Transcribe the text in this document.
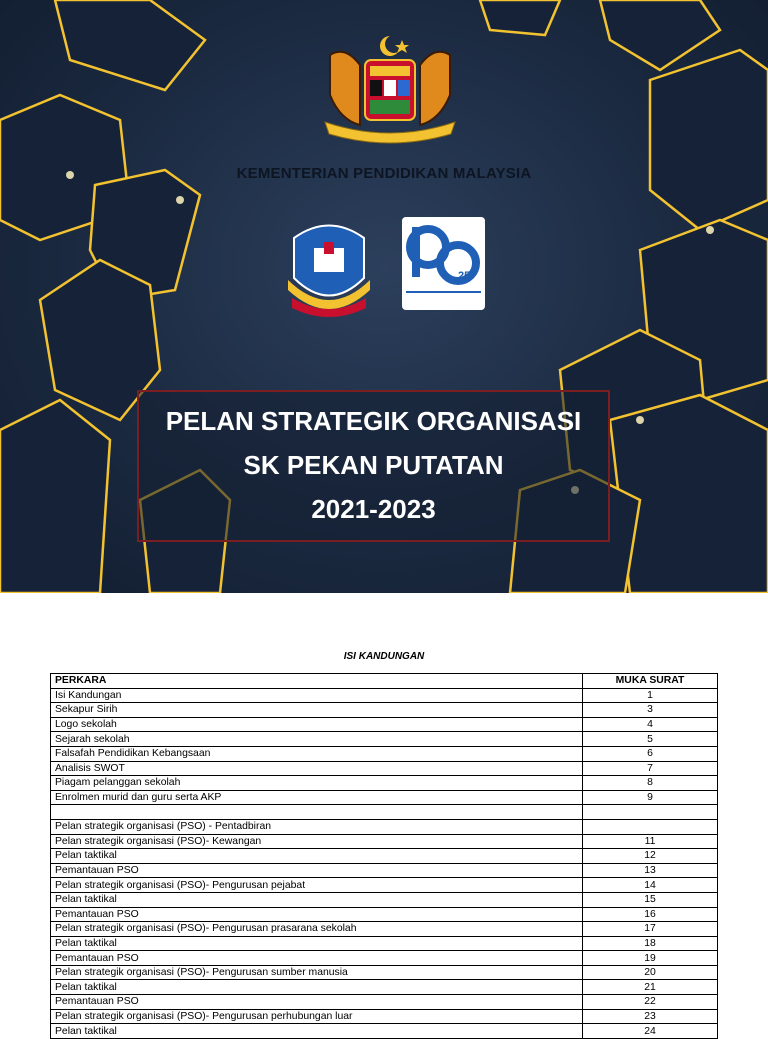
KEMENTERIAN PENDIDIKAN MALAYSIA
25
PELAN STRATEGIK ORGANISASI
SK PEKAN PUTATAN
2021-2023
ISI KANDUNGAN
PERKARA	MUKA SURAT
Isi Kandungan	1
Sekapur Sirih	3
Logo sekolah	4
Sejarah sekolah	5
Falsafah Pendidikan Kebangsaan	6
Analisis SWOT	7
Piagam pelanggan sekolah	8
Enrolmen murid dan guru serta AKP	9

Pelan strategik organisasi (PSO) - Pentadbiran	
Pelan strategik organisasi (PSO)- Kewangan	11
Pelan taktikal	12
Pemantauan PSO	13
Pelan strategik organisasi (PSO)- Pengurusan pejabat	14
Pelan taktikal	15
Pemantauan PSO	16
Pelan strategik organisasi (PSO)- Pengurusan prasarana sekolah	17
Pelan taktikal	18
Pemantauan PSO	19
Pelan strategik organisasi (PSO)- Pengurusan sumber manusia	20
Pelan taktikal	21
Pemantauan PSO	22
Pelan strategik organisasi (PSO)- Pengurusan perhubungan luar	23
Pelan taktikal	24
